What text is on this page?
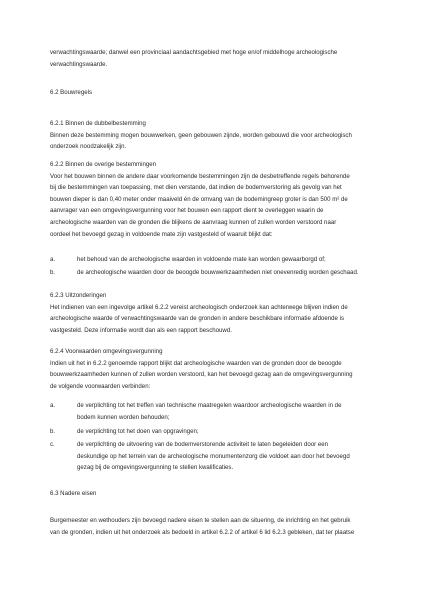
verwachtingswaarde; danwel een provinciaal aandachtsgebied met hoge en/of middelhoge archeologische
verwachtingswaarde.
6.2 Bouwregels
6.2.1 Binnen de dubbelbestemming
Binnen deze bestemming mogen bouwwerken, geen gebouwen zijnde, worden gebouwd die voor archeologisch
onderzoek noodzakelijk zijn.
6.2.2 Binnen de overige bestemmingen
Voor het bouwen binnen de andere daar voorkomende bestemmingen zijn de desbetreffende regels behorende
bij die bestemmingen van toepassing, met dien verstande, dat indien de bodemverstoring als gevolg van het
bouwen dieper is dan 0,40 meter onder maaiveld én de omvang van de bodemingreep groter is dan 500 m² de
aanvrager van een omgevingsvergunning voor het bouwen een rapport dient te overleggen waarin de
archeologische waarden van de gronden die blijkens de aanvraag kunnen of zullen worden verstoord naar
oordeel het bevoegd gezag in voldoende mate zijn vastgesteld of waaruit blijkt dat:
a.	het behoud van de archeologische waarden in voldoende mate kan worden gewaarborgd of;
b.	de archeologische waarden door de beoogde bouwwerkzaamheden niet onevenredig worden geschaad.
6.2.3 Uitzonderingen
Het indienen van een ingevolge artikel 6.2.2 vereist archeologisch onderzoek kan achterwege blijven indien de
archeologische waarde of verwachtingswaarde van de gronden in andere beschikbare informatie afdoende is
vastgesteld. Deze informatie wordt dan als een rapport beschouwd.
6.2.4 Voorwaarden omgevingsvergunning
Indien uit het in 6.2.2 genoemde rapport blijkt dat archeologische waarden van de gronden door de beoogde
bouwwerkzaamheden kunnen of zullen worden verstoord, kan het bevoegd gezag aan de omgevingsvergunning
de volgende voorwaarden verbinden:
a.	de verplichting tot het treffen van technische maatregelen waardoor archeologische waarden in de
bodem kunnen worden behouden;
b.	de verplichting tot het doen van opgravingen;
c.	de verplichting de uitvoering van de bodemverstorende activiteit te laten begeleiden door een
deskundige op het terrein van de archeologische monumentenzorg die voldoet aan door het bevoegd
gezag bij de omgevingsvergunning te stellen kwalificaties.
6.3 Nadere eisen
Burgemeester en wethouders zijn bevoegd nadere eisen te stellen aan de situering, de inrichting en het gebruik
van de gronden, indien uit het onderzoek als bedoeld in artikel 6.2.2 of artikel 6 lid 6.2.3 gebleken, dat ter plaatse
